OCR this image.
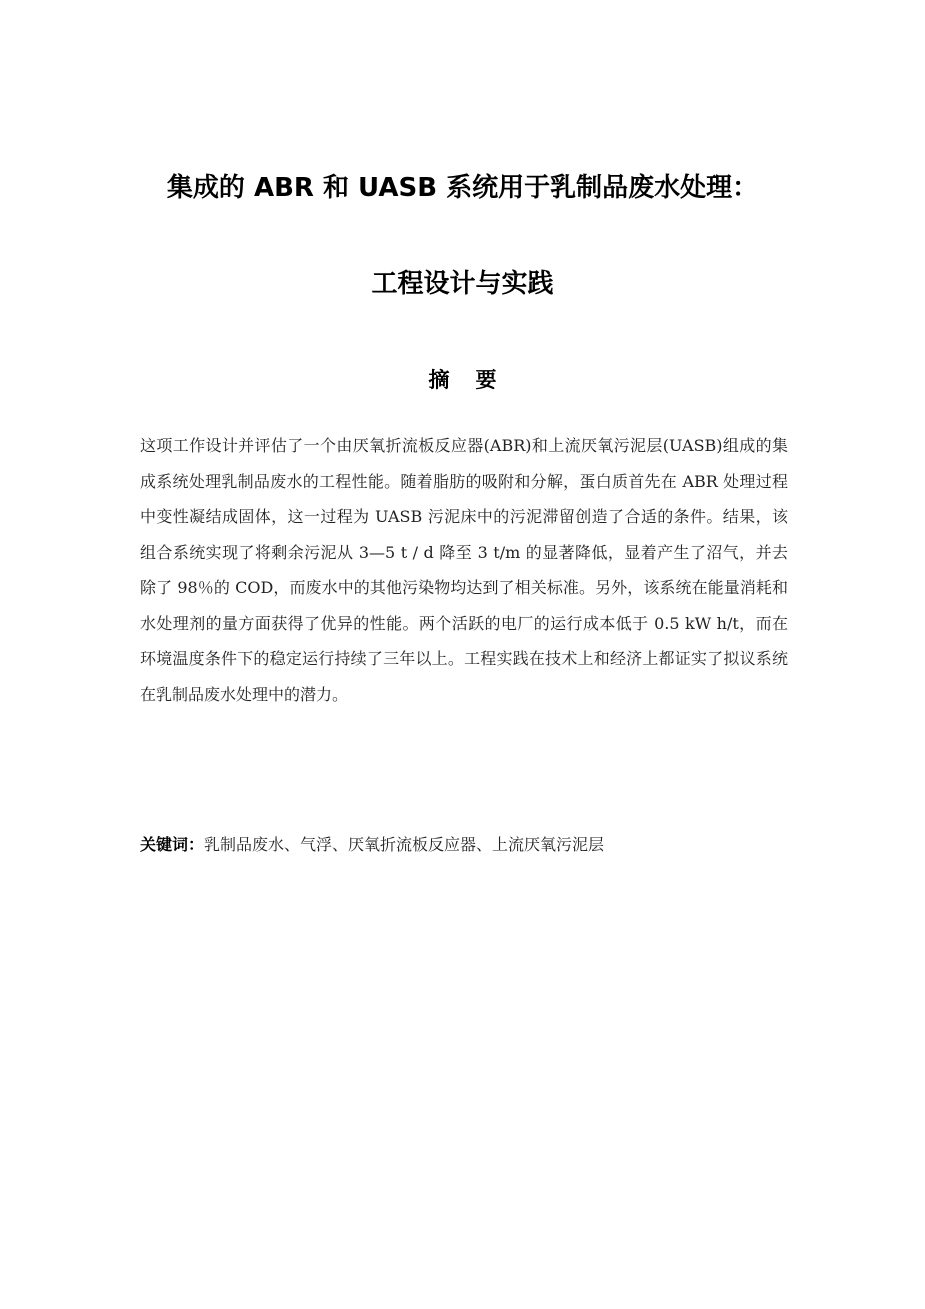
集成的 ABR 和 UASB 系统用于乳制品废水处理：
工程设计与实践
摘要
这项工作设计并评估了一个由厌氧折流板反应器(ABR)和上流厌氧污泥层(UASB)组成的集成系统处理乳制品废水的工程性能。随着脂肪的吸附和分解，蛋白质首先在 ABR 处理过程中变性凝结成固体，这一过程为 UASB 污泥床中的污泥滞留创造了合适的条件。结果，该组合系统实现了将剩余污泥从 3—5 t / d 降至 3 t/m 的显著降低，显着产生了沼气，并去除了 98％的 COD，而废水中的其他污染物均达到了相关标准。另外，该系统在能量消耗和水处理剂的量方面获得了优异的性能。两个活跃的电厂的运行成本低于 0.5 kW h/t，而在环境温度条件下的稳定运行持续了三年以上。工程实践在技术上和经济上都证实了拟议系统在乳制品废水处理中的潜力。
关键词：乳制品废水、气浮、厌氧折流板反应器、上流厌氧污泥层
